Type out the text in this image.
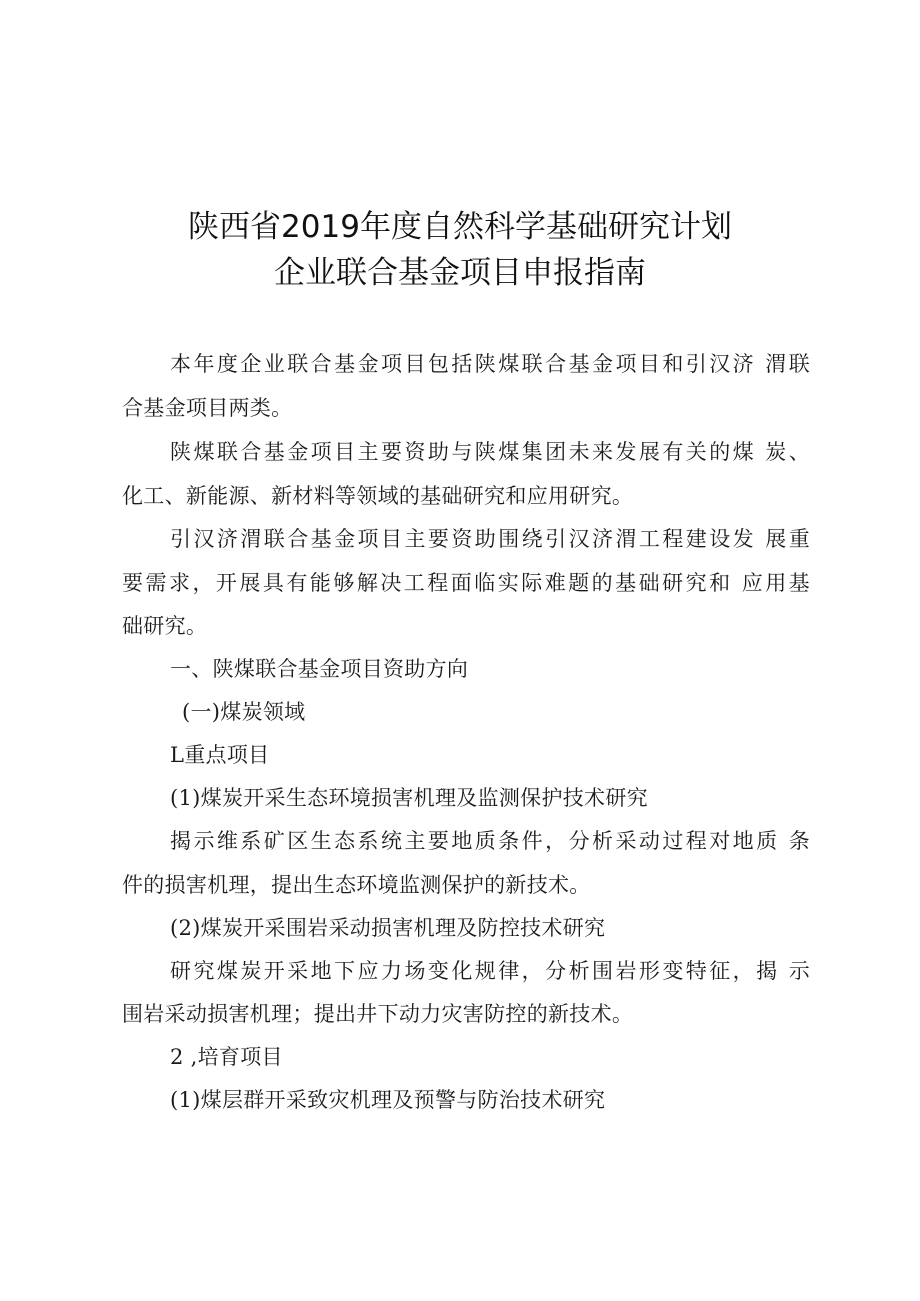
陕西省2019年度自然科学基础研究计划
企业联合基金项目申报指南
本年度企业联合基金项目包括陕煤联合基金项目和引汉济 渭联
合基金项目两类。
陕煤联合基金项目主要资助与陕煤集团未来发展有关的煤 炭、
化工、新能源、新材料等领域的基础研究和应用研究。
引汉济渭联合基金项目主要资助围绕引汉济渭工程建设发 展重
要需求，开展具有能够解决工程面临实际难题的基础研究和 应用基
础研究。
一、陕煤联合基金项目资助方向
(一)煤炭领域
L重点项目
(1)煤炭开采生态环境损害机理及监测保护技术研究
揭示维系矿区生态系统主要地质条件，分析采动过程对地质 条
件的损害机理，提出生态环境监测保护的新技术。
(2)煤炭开采围岩采动损害机理及防控技术研究
研究煤炭开采地下应力场变化规律，分析围岩形变特征，揭 示
围岩采动损害机理；提出井下动力灾害防控的新技术。
2 ,培育项目
(1)煤层群开采致灾机理及预警与防治技术研究
